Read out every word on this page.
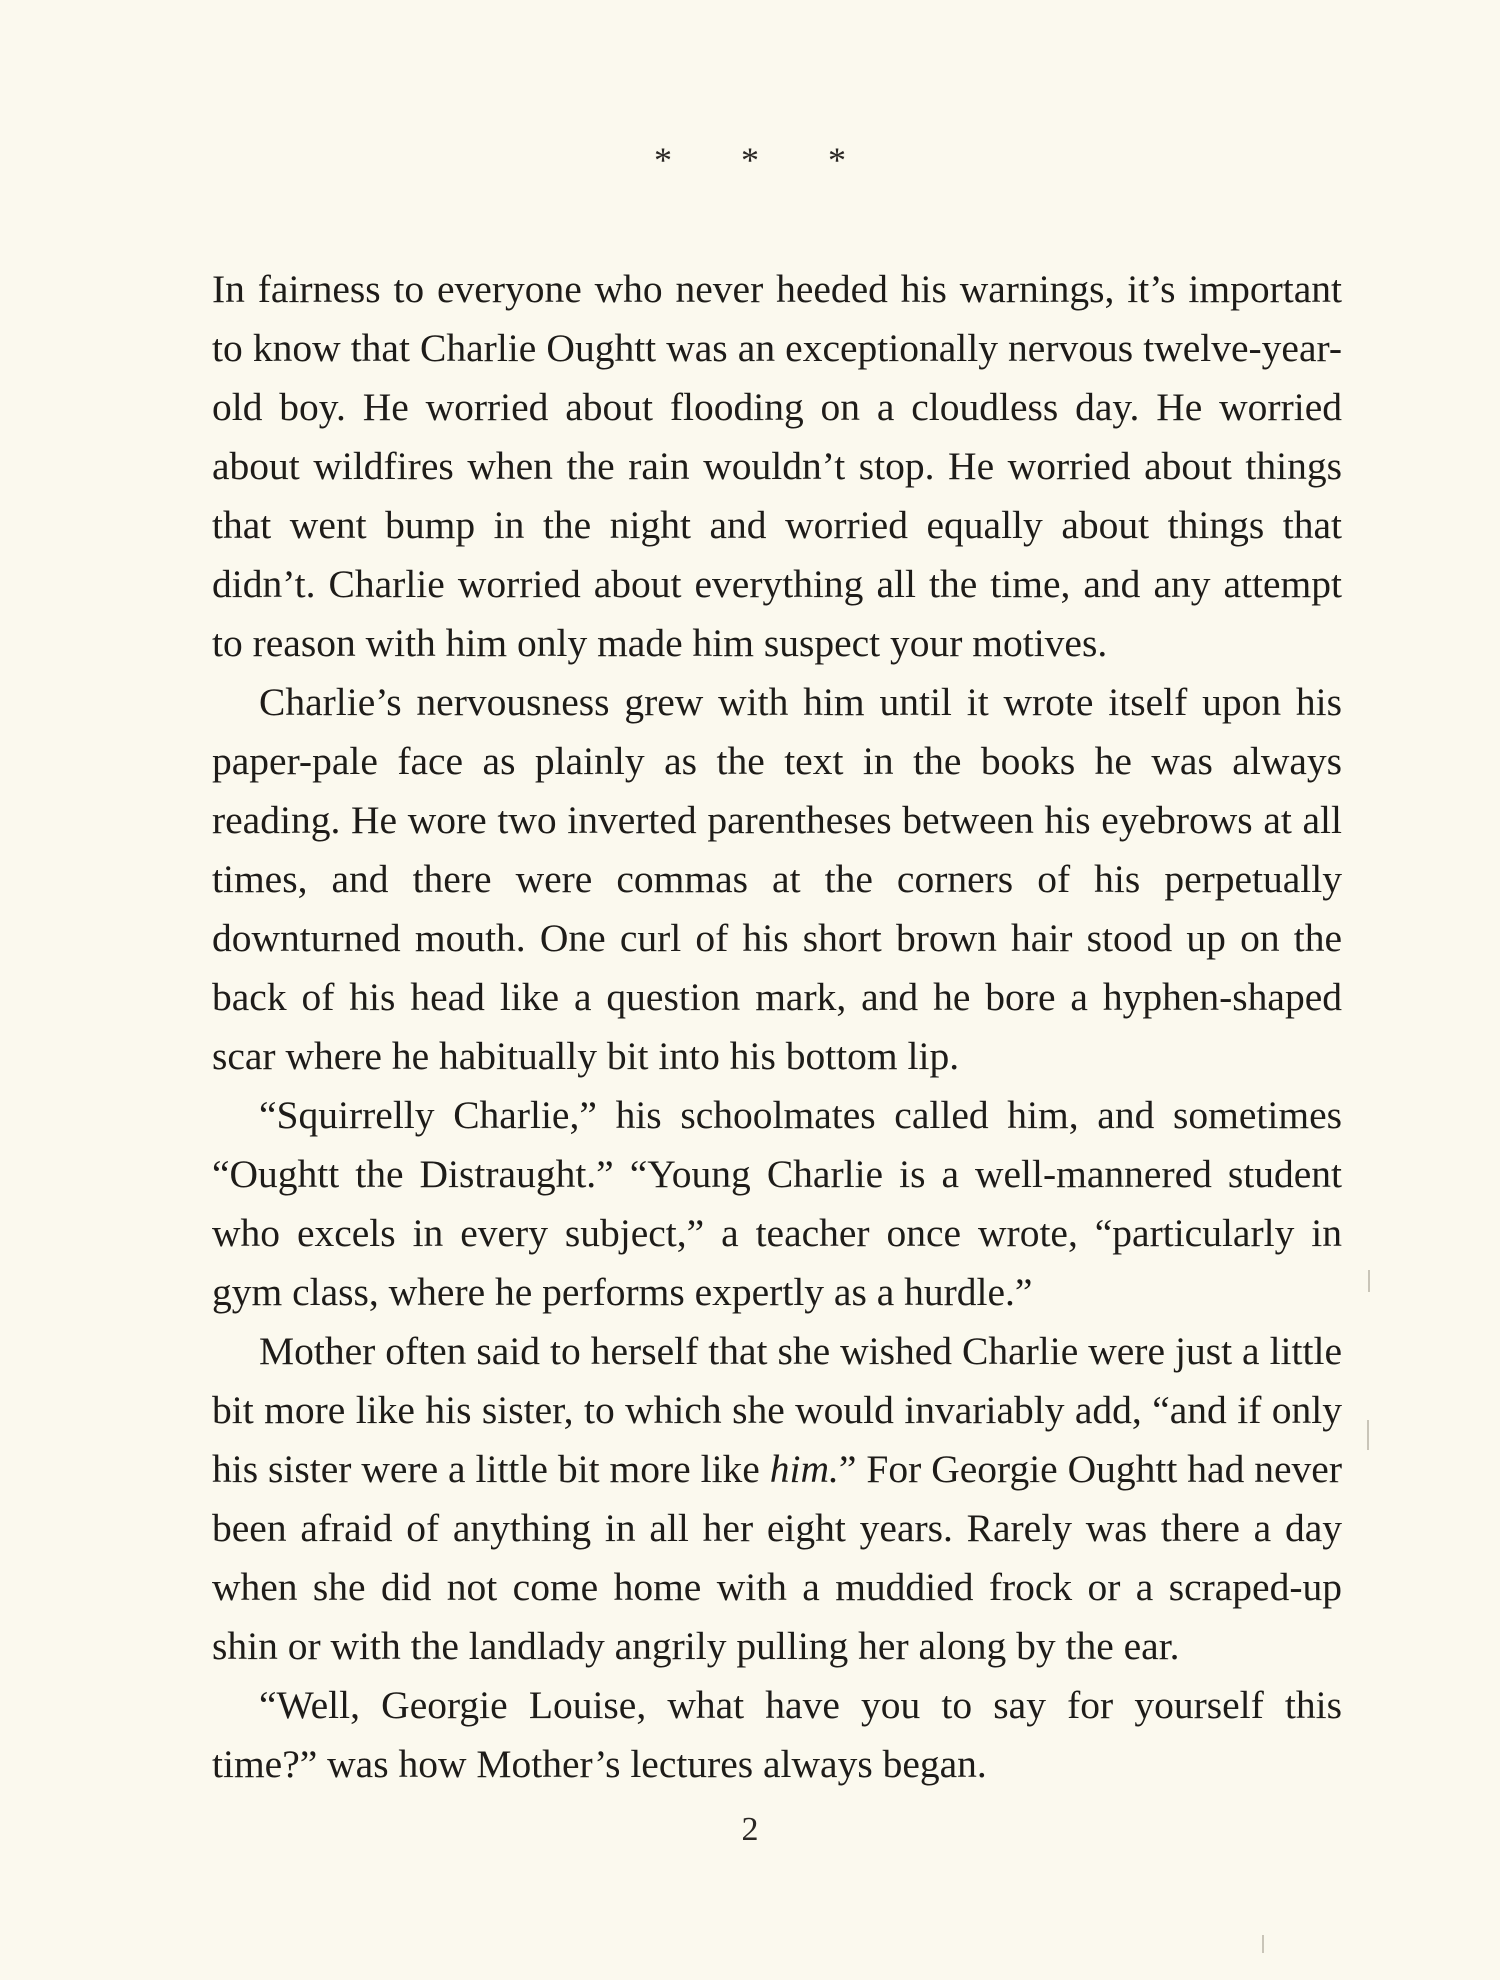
* * *

In fairness to everyone who never heeded his warnings, it’s important to know that Charlie Oughtt was an exceptionally nervous twelve-year-old boy. He worried about flooding on a cloudless day. He worried about wildfires when the rain wouldn’t stop. He worried about things that went bump in the night and worried equally about things that didn’t. Charlie worried about everything all the time, and any attempt to reason with him only made him suspect your motives.

Charlie’s nervousness grew with him until it wrote itself upon his paper-pale face as plainly as the text in the books he was always reading. He wore two inverted parentheses between his eyebrows at all times, and there were commas at the corners of his perpetually downturned mouth. One curl of his short brown hair stood up on the back of his head like a question mark, and he bore a hyphen-shaped scar where he habitually bit into his bottom lip.

“Squirrelly Charlie,” his schoolmates called him, and sometimes “Oughtt the Distraught.” “Young Charlie is a well-mannered student who excels in every subject,” a teacher once wrote, “particularly in gym class, where he performs expertly as a hurdle.”

Mother often said to herself that she wished Charlie were just a little bit more like his sister, to which she would invariably add, “and if only his sister were a little bit more like him.” For Georgie Oughtt had never been afraid of anything in all her eight years. Rarely was there a day when she did not come home with a muddied frock or a scraped-up shin or with the landlady angrily pulling her along by the ear.

“Well, Georgie Louise, what have you to say for yourself this time?” was how Mother’s lectures always began.

2
